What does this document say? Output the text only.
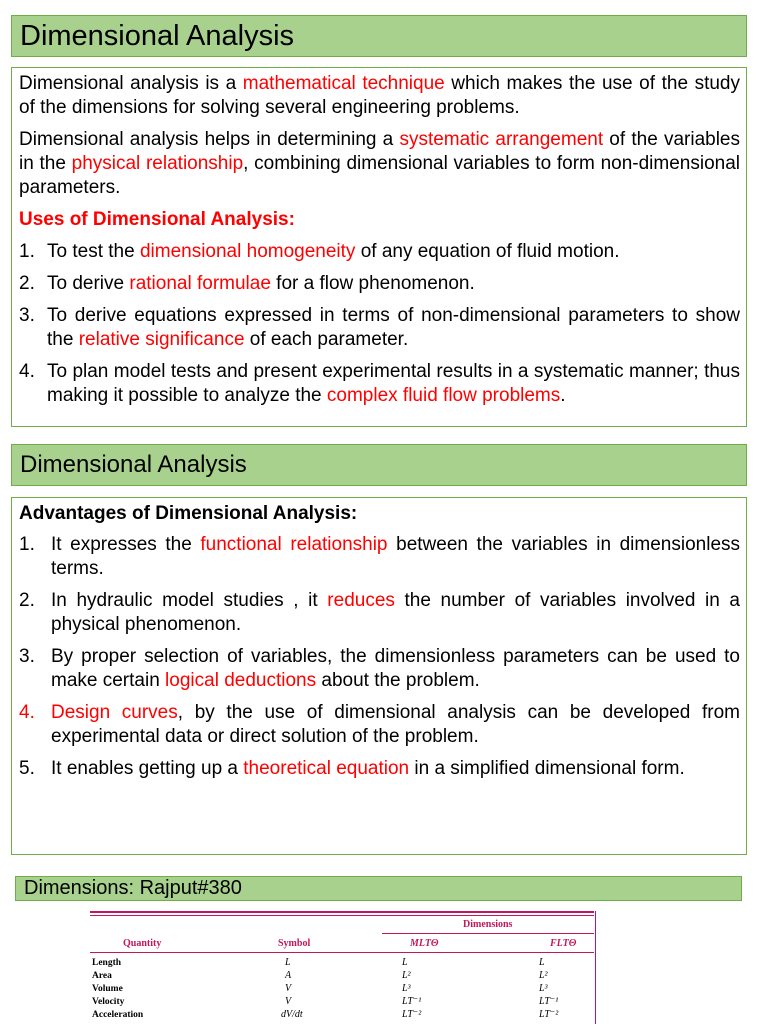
Dimensional Analysis

Dimensional analysis is a mathematical technique which makes the use of the study of the dimensions for solving several engineering problems.

Dimensional analysis helps in determining a systematic arrangement of the variables in the physical relationship, combining dimensional variables to form non-dimensional parameters.

Uses of Dimensional Analysis:

1. To test the dimensional homogeneity of any equation of fluid motion.
2. To derive rational formulae for a flow phenomenon.
3. To derive equations expressed in terms of non-dimensional parameters to show the relative significance of each parameter.
4. To plan model tests and present experimental results in a systematic manner; thus making it possible to analyze the complex fluid flow problems.
Dimensional Analysis

Advantages of Dimensional Analysis:

1. It expresses the functional relationship between the variables in dimensionless terms.
2. In hydraulic model studies , it reduces the number of variables involved in a physical phenomenon.
3. By proper selection of variables, the dimensionless parameters can be used to make certain logical deductions about the problem.
4. Design curves, by the use of dimensional analysis can be developed from experimental data or direct solution of the problem.
5. It enables getting up a theoretical equation in a simplified dimensional form.
Dimensions: Rajput#380
Dimensions
Quantity	Symbol	MLTΘ	FLTΘ
Length	L	L	L
Area	A	L²	L²
Volume	V	L³	L³
Velocity	V	LT⁻¹	LT⁻¹
Acceleration	dV/dt	LT⁻²	LT⁻²
